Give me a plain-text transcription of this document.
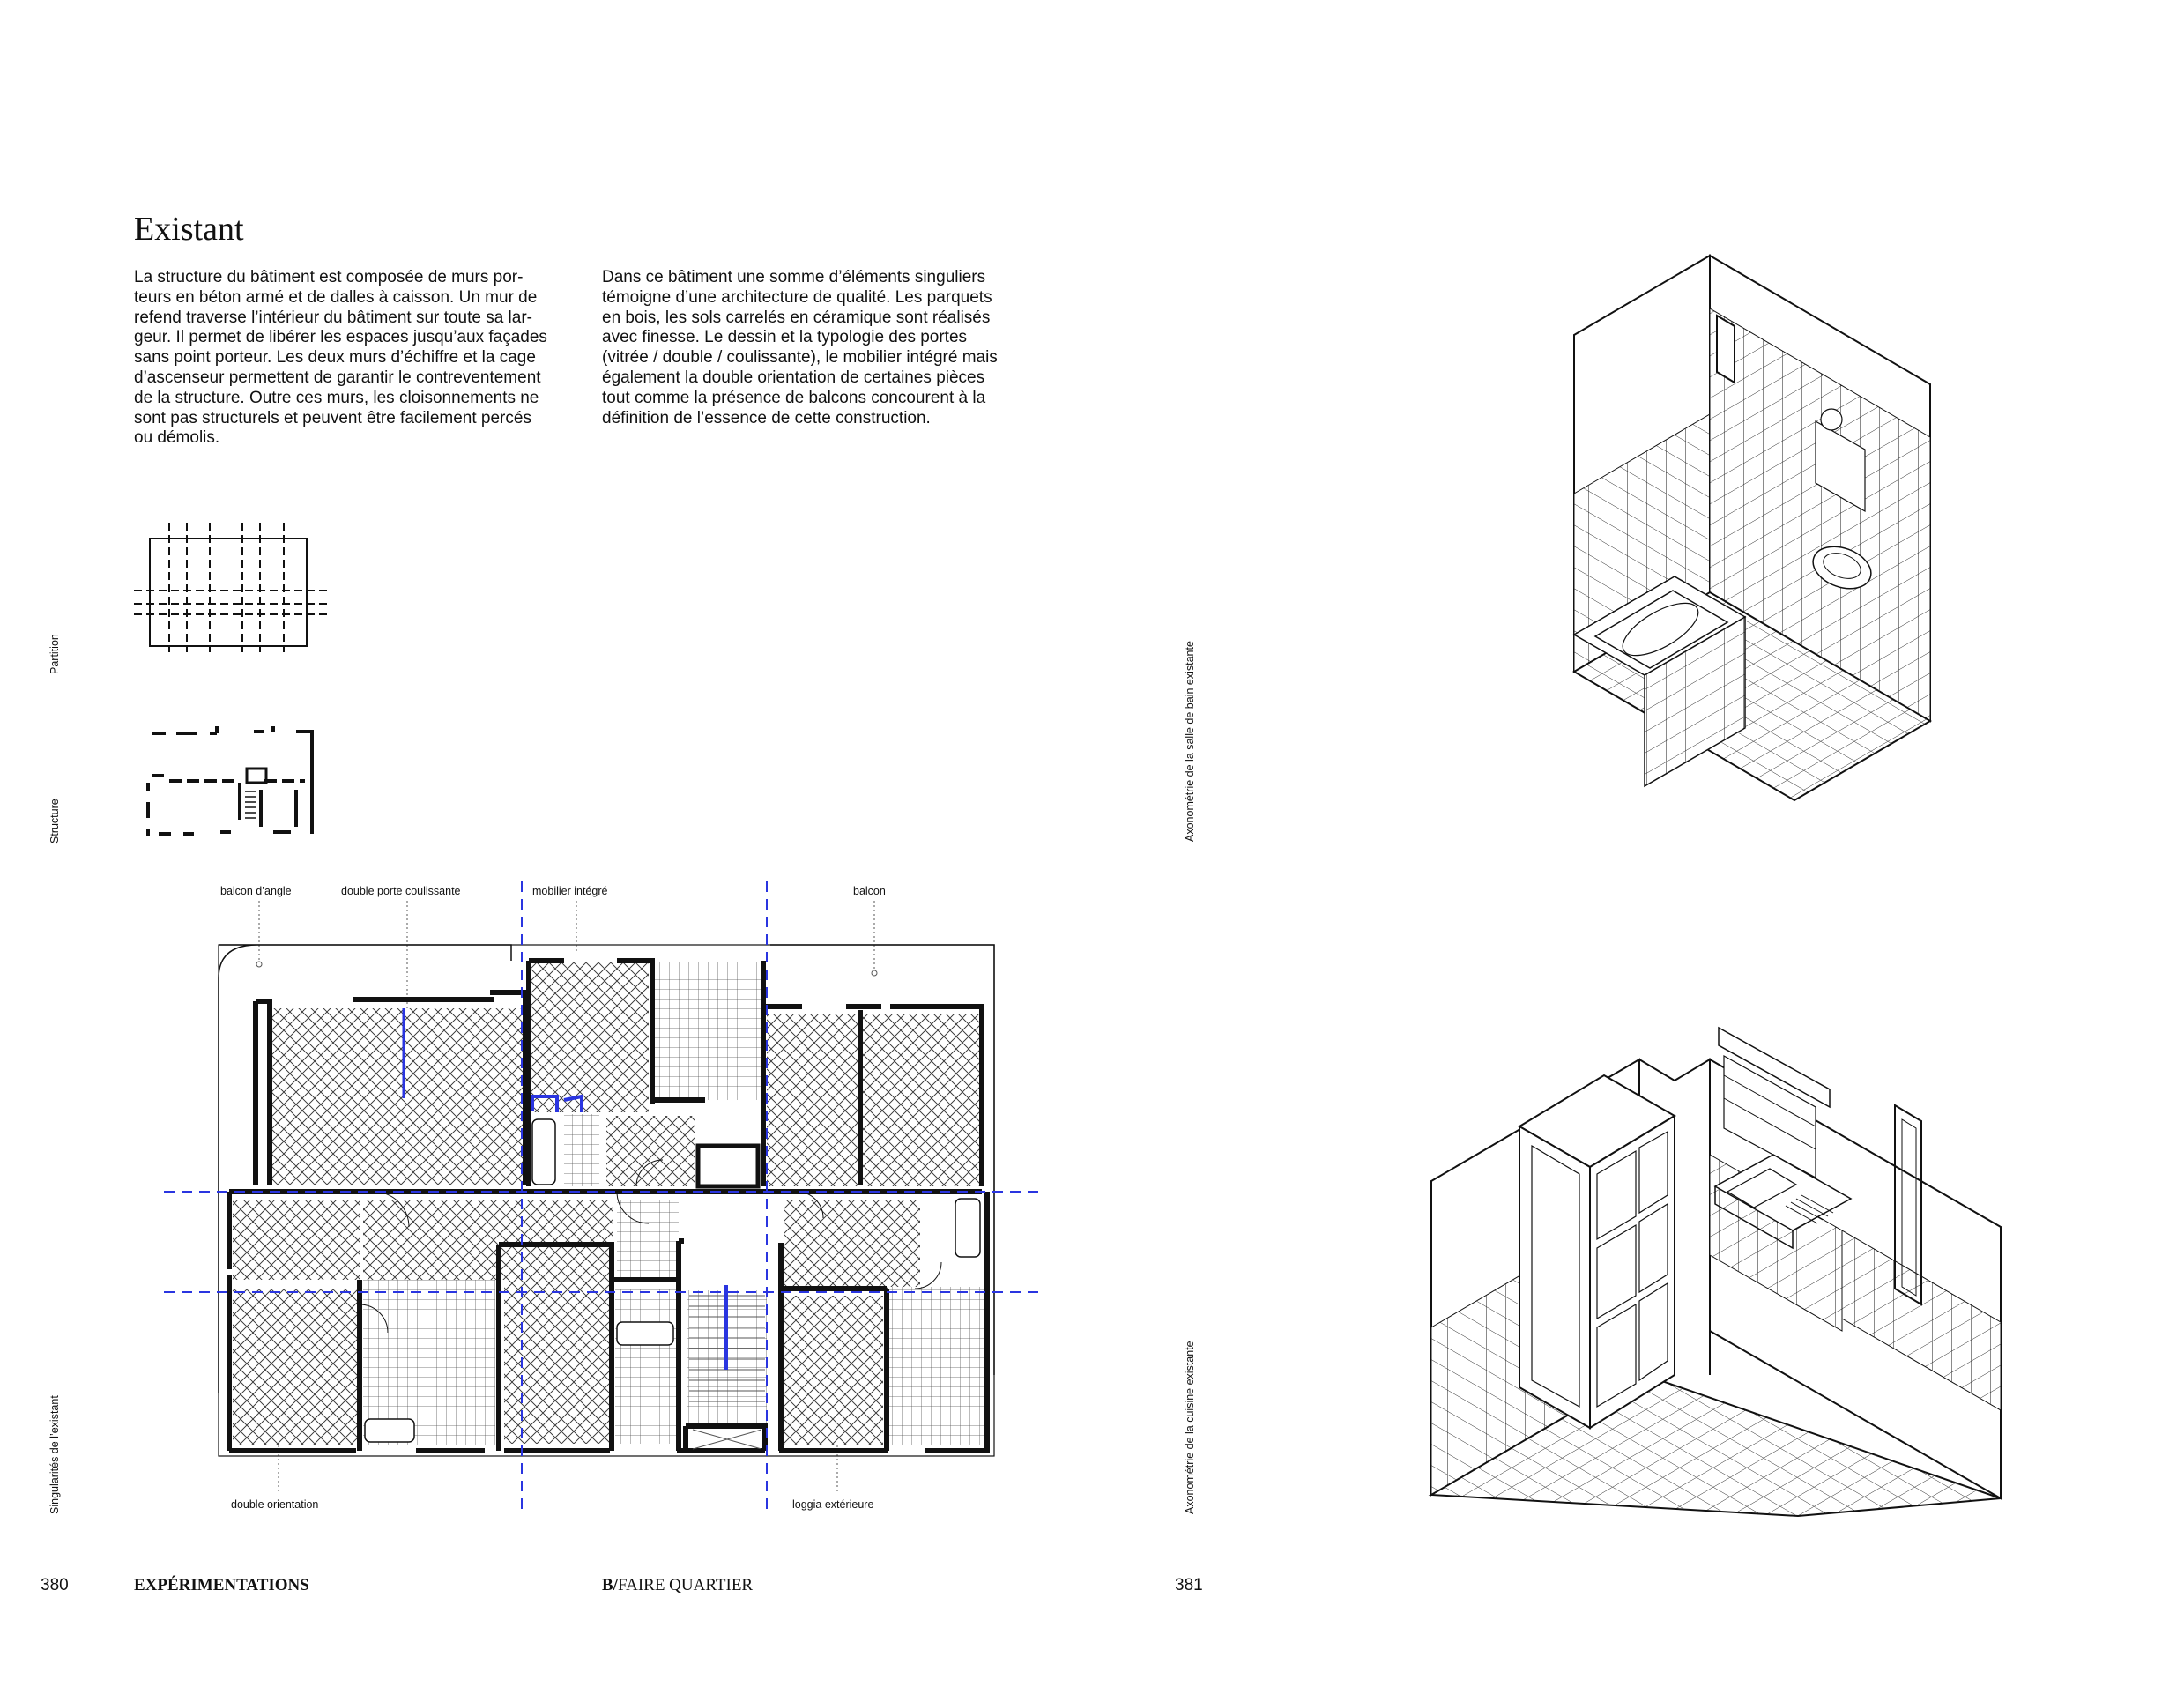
Existant
La structure du bâtiment est composée de murs por-
teurs en béton armé et de dalles à caisson. Un mur de
refend traverse l’intérieur du bâtiment sur toute sa lar-
geur. Il permet de libérer les espaces jusqu’aux façades
sans point porteur. Les deux murs d’échiffre et la cage
d’ascenseur permettent de garantir le contreventement
de la structure. Outre ces murs, les cloisonnements ne
sont pas structurels et peuvent être facilement percés
ou démolis.
Dans ce bâtiment une somme d’éléments singuliers
témoigne d’une architecture de qualité. Les parquets
en bois, les sols carrelés en céramique sont réalisés
avec finesse. Le dessin et la typologie des portes
(vitrée / double / coulissante), le mobilier intégré mais
également la double orientation de certaines pièces
tout comme la présence de balcons concourent à la
définition de l’essence de cette construction.
Partition
Structure
Singularités de l’existant
Axonométrie de la salle de bain existante
Axonométrie de la cuisine existante
balcon d’angle	double porte coulissante	mobilier intégré	balcon
double orientation	loggia extérieure
380	EXPÉRIMENTATIONS	B/FAIRE QUARTIER	381
